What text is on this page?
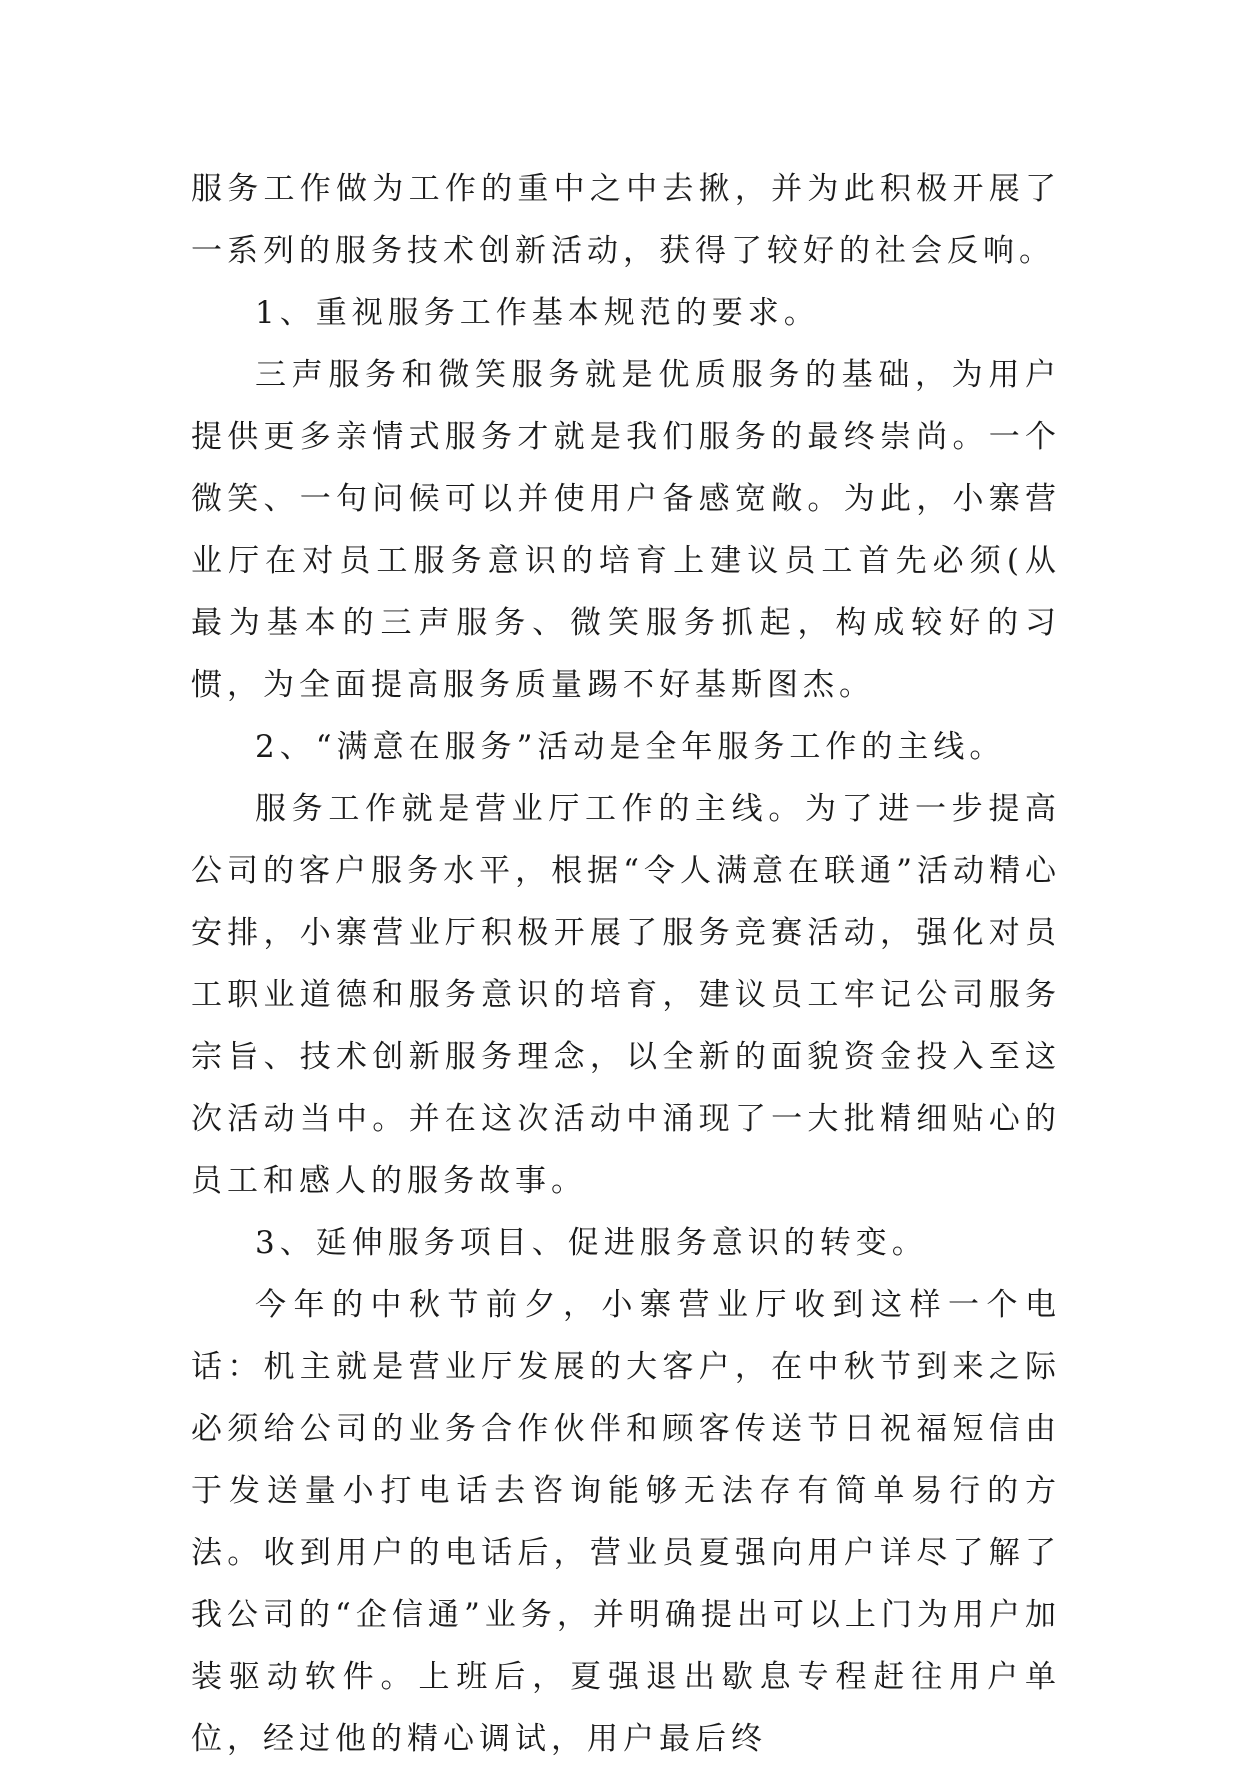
服务工作做为工作的重中之中去揪，并为此积极开展了一系列的服务技术创新活动，获得了较好的社会反响。

1、重视服务工作基本规范的要求。

三声服务和微笑服务就是优质服务的基础，为用户提供更多亲情式服务才就是我们服务的最终崇尚。一个微笑、一句问候可以并使用户备感宽敞。为此，小寨营业厅在对员工服务意识的培育上建议员工首先必须(从最为基本的三声服务、微笑服务抓起，构成较好的习惯，为全面提高服务质量踢不好基斯图杰。

2、“满意在服务”活动是全年服务工作的主线。

服务工作就是营业厅工作的主线。为了进一步提高公司的客户服务水平，根据“令人满意在联通”活动精心安排，小寨营业厅积极开展了服务竞赛活动，强化对员工职业道德和服务意识的培育，建议员工牢记公司服务宗旨、技术创新服务理念，以全新的面貌资金投入至这次活动当中。并在这次活动中涌现了一大批精细贴心的员工和感人的服务故事。

3、延伸服务项目、促进服务意识的转变。

今年的中秋节前夕，小寨营业厅收到这样一个电话：机主就是营业厅发展的大客户，在中秋节到来之际必须给公司的业务合作伙伴和顾客传送节日祝福短信由于发送量小打电话去咨询能够无法存有简单易行的方法。收到用户的电话后，营业员夏强向用户详尽了解了我公司的“企信通”业务，并明确提出可以上门为用户加装驱动软件。上班后，夏强退出歇息专程赶往用户单位，经过他的精心调试，用户最后终
